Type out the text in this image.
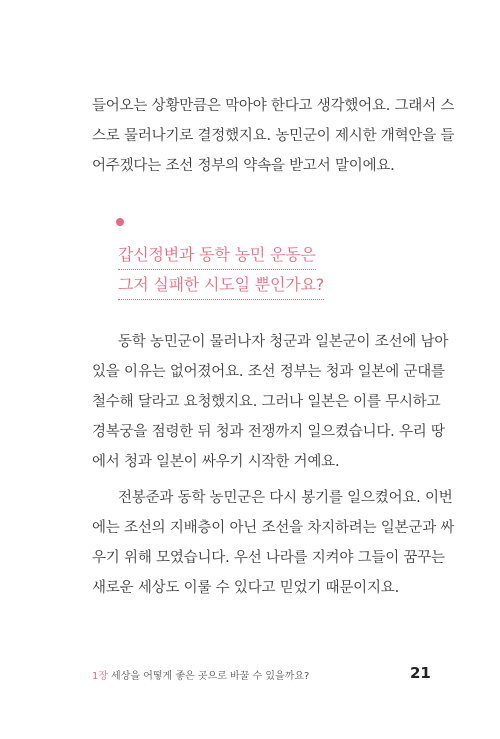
들어오는 상황만큼은 막아야 한다고 생각했어요. 그래서 스
스로 물러나기로 결정했지요. 농민군이 제시한 개혁안을 들
어주겠다는 조선 정부의 약속을 받고서 말이에요.
갑신정변과 동학 농민 운동은
그저 실패한 시도일 뿐인가요?
동학 농민군이 물러나자 청군과 일본군이 조선에 남아
있을 이유는 없어졌어요. 조선 정부는 청과 일본에 군대를
철수해 달라고 요청했지요. 그러나 일본은 이를 무시하고
경복궁을 점령한 뒤 청과 전쟁까지 일으켰습니다. 우리 땅
에서 청과 일본이 싸우기 시작한 거예요.
전봉준과 동학 농민군은 다시 봉기를 일으켰어요. 이번
에는 조선의 지배층이 아닌 조선을 차지하려는 일본군과 싸
우기 위해 모였습니다. 우선 나라를 지켜야 그들이 꿈꾸는
새로운 세상도 이룰 수 있다고 믿었기 때문이지요.
1장 세상을 어떻게 좋은 곳으로 바꿀 수 있을까요?	21
